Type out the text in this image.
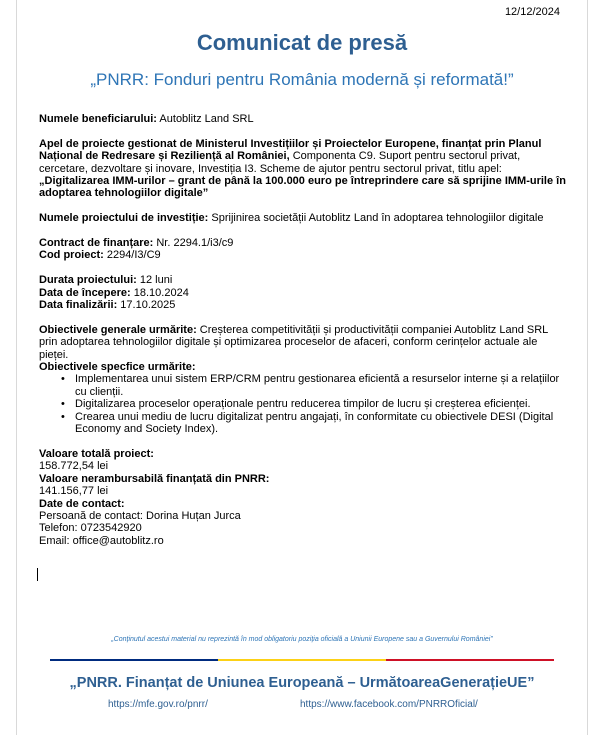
12/12/2024
Comunicat de presă
„PNRR: Fonduri pentru România modernă și reformată!”

Numele beneficiarului: Autoblitz Land SRL

Apel de proiecte gestionat de Ministerul Investițiilor și Proiectelor Europene, finanțat prin Planul Național de Redresare și Reziliență al României, Componenta C9. Suport pentru sectorul privat, cercetare, dezvoltare și inovare, Investiția I3. Scheme de ajutor pentru sectorul privat, titlu apel: „Digitalizarea IMM-urilor – grant de până la 100.000 euro pe întreprindere care să sprijine IMM-urile în adoptarea tehnologiilor digitale”

Numele proiectului de investiție: Sprijinirea societății Autoblitz Land în adoptarea tehnologiilor digitale

Contract de finanțare: Nr. 2294.1/i3/c9

Cod proiect: 2294/I3/C9

Durata proiectului: 12 luni

Data de începere: 18.10.2024

Data finalizării: 17.10.2025

Obiectivele generale urmărite: Creșterea competitivității și productivității companiei Autoblitz Land SRL prin adoptarea tehnologiilor digitale și optimizarea proceselor de afaceri, conform cerințelor actuale ale pieței.

Obiectivele specfice urmărite:

• Implementarea unui sistem ERP/CRM pentru gestionarea eficientă a resurselor interne și a relațiilor cu clienții.
• Digitalizarea proceselor operaționale pentru reducerea timpilor de lucru și creșterea eficienței.
• Crearea unui mediu de lucru digitalizat pentru angajați, în conformitate cu obiectivele DESI (Digital Economy and Society Index).

Valoare totală proiect:

158.772,54 lei

Valoare nerambursabilă finanțată din PNRR:

141.156,77 lei

Date de contact:

Persoană de contact: Dorina Huțan Jurca

Telefon: 0723542920

Email: office@autoblitz.ro

„Conținutul acestui material nu reprezintă în mod obligatoriu poziția oficială a Uniunii Europene sau a Guvernului României”
„PNRR. Finanțat de Uniunea Europeană – UrmătoareaGenerațieUE”
https://mfe.gov.ro/pnrr/	https://www.facebook.com/PNRROficial/
